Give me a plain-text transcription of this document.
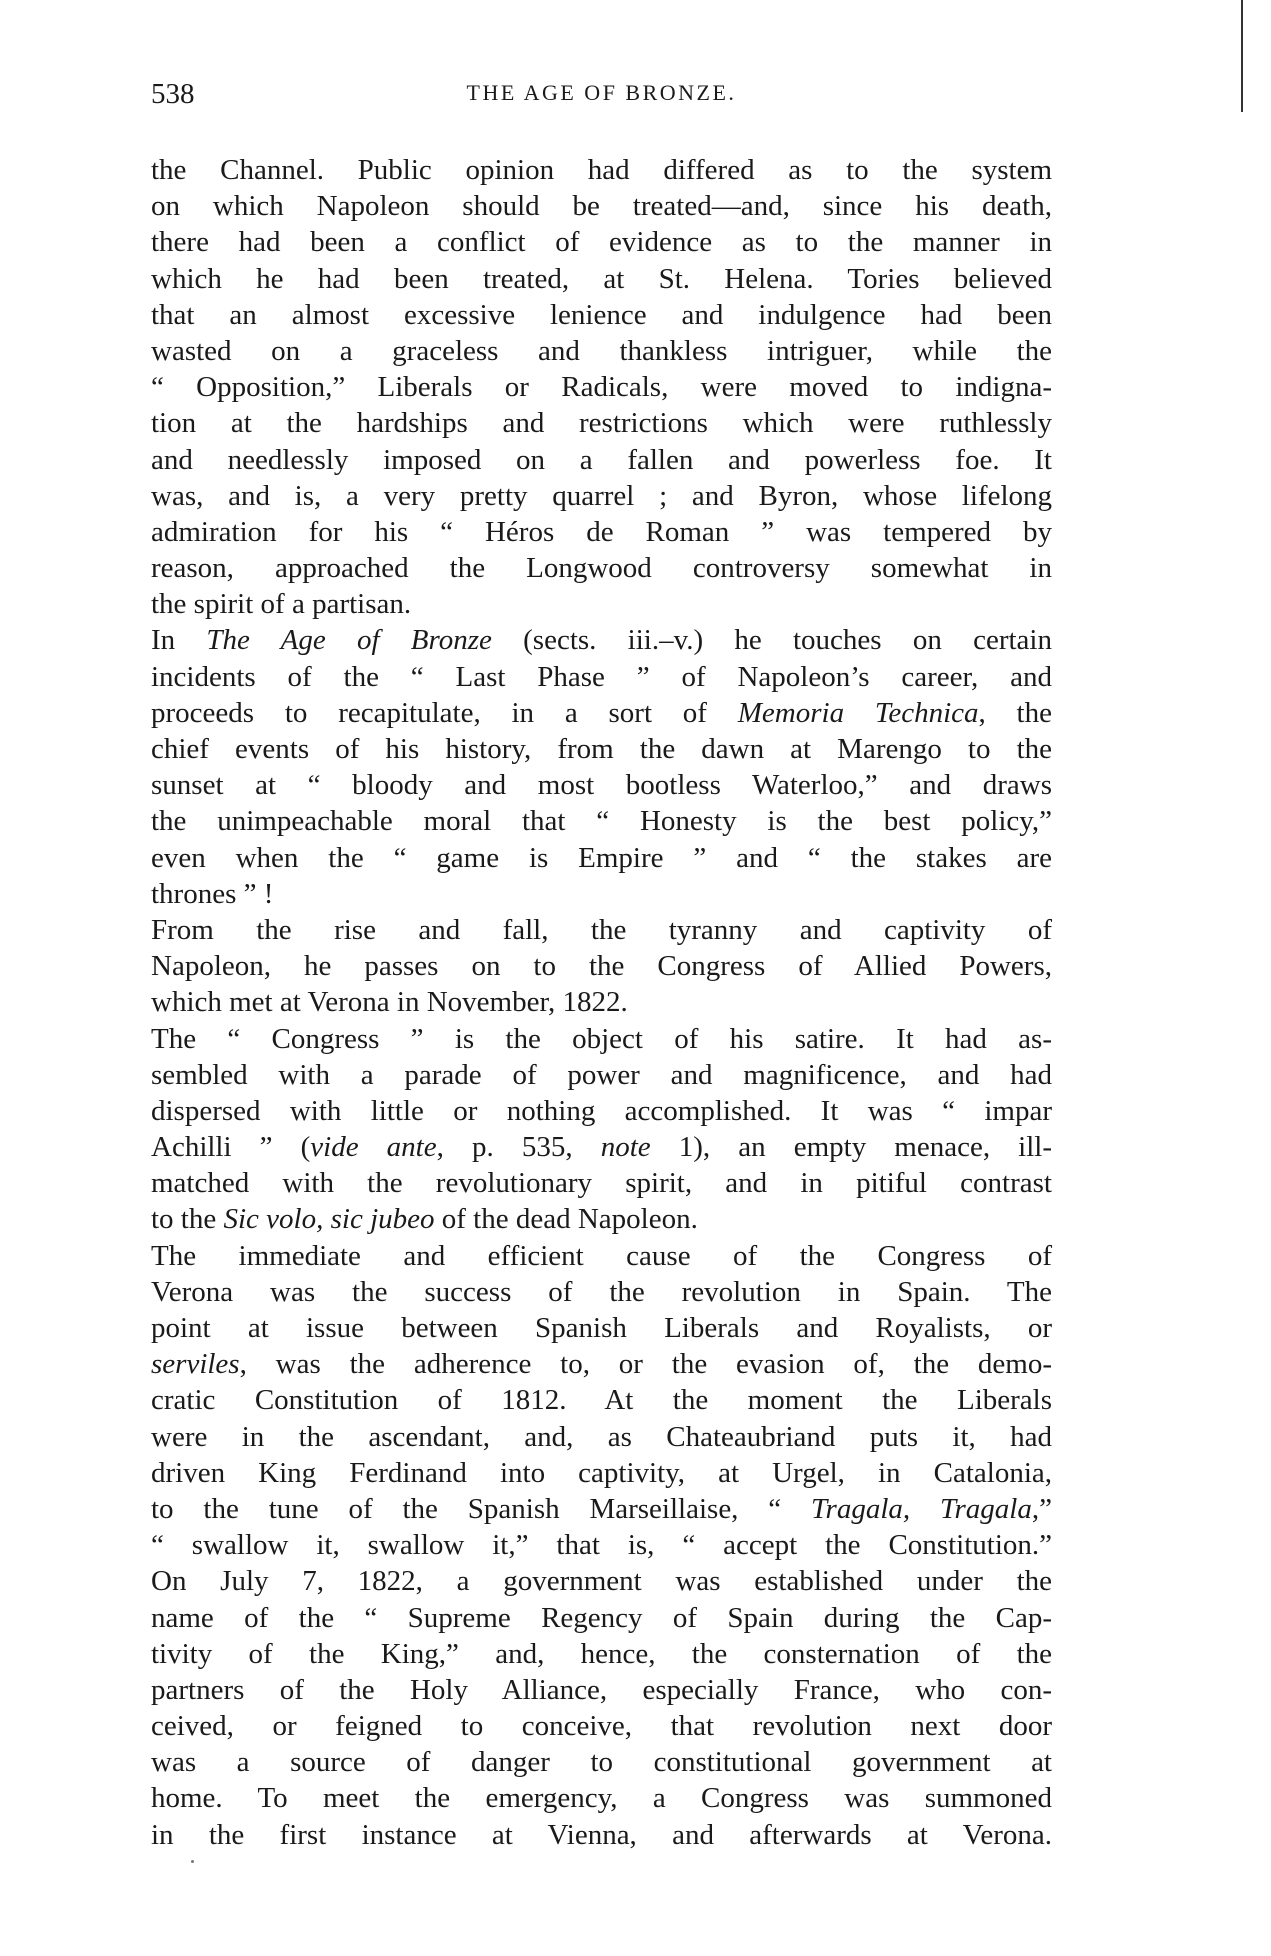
538	THE AGE OF BRONZE.
the Channel. Public opinion had differed as to the system
on which Napoleon should be treated—and, since his death,
there had been a conflict of evidence as to the manner in
which he had been treated, at St. Helena. Tories believed
that an almost excessive lenience and indulgence had been
wasted on a graceless and thankless intriguer, while the
“ Opposition,” Liberals or Radicals, were moved to indigna-
tion at the hardships and restrictions which were ruthlessly
and needlessly imposed on a fallen and powerless foe. It
was, and is, a very pretty quarrel ; and Byron, whose lifelong
admiration for his “ Héros de Roman ” was tempered by
reason, approached the Longwood controversy somewhat in
the spirit of a partisan.
In The Age of Bronze (sects. iii.–v.) he touches on certain
incidents of the “ Last Phase ” of Napoleon’s career, and
proceeds to recapitulate, in a sort of Memoria Technica, the
chief events of his history, from the dawn at Marengo to the
sunset at “ bloody and most bootless Waterloo,” and draws
the unimpeachable moral that “ Honesty is the best policy,”
even when the “ game is Empire ” and “ the stakes are
thrones ” !
From the rise and fall, the tyranny and captivity of
Napoleon, he passes on to the Congress of Allied Powers,
which met at Verona in November, 1822.
The “ Congress ” is the object of his satire. It had as-
sembled with a parade of power and magnificence, and had
dispersed with little or nothing accomplished. It was “ impar
Achilli ” (vide ante, p. 535, note 1), an empty menace, ill-
matched with the revolutionary spirit, and in pitiful contrast
to the Sic volo, sic jubeo of the dead Napoleon.
The immediate and efficient cause of the Congress of
Verona was the success of the revolution in Spain. The
point at issue between Spanish Liberals and Royalists, or
serviles, was the adherence to, or the evasion of, the demo-
cratic Constitution of 1812. At the moment the Liberals
were in the ascendant, and, as Chateaubriand puts it, had
driven King Ferdinand into captivity, at Urgel, in Catalonia,
to the tune of the Spanish Marseillaise, “ Tragala, Tragala,”
“ swallow it, swallow it,” that is, “ accept the Constitution.”
On July 7, 1822, a government was established under the
name of the “ Supreme Regency of Spain during the Cap-
tivity of the King,” and, hence, the consternation of the
partners of the Holy Alliance, especially France, who con-
ceived, or feigned to conceive, that revolution next door
was a source of danger to constitutional government at
home. To meet the emergency, a Congress was summoned
in the first instance at Vienna, and afterwards at Verona.
